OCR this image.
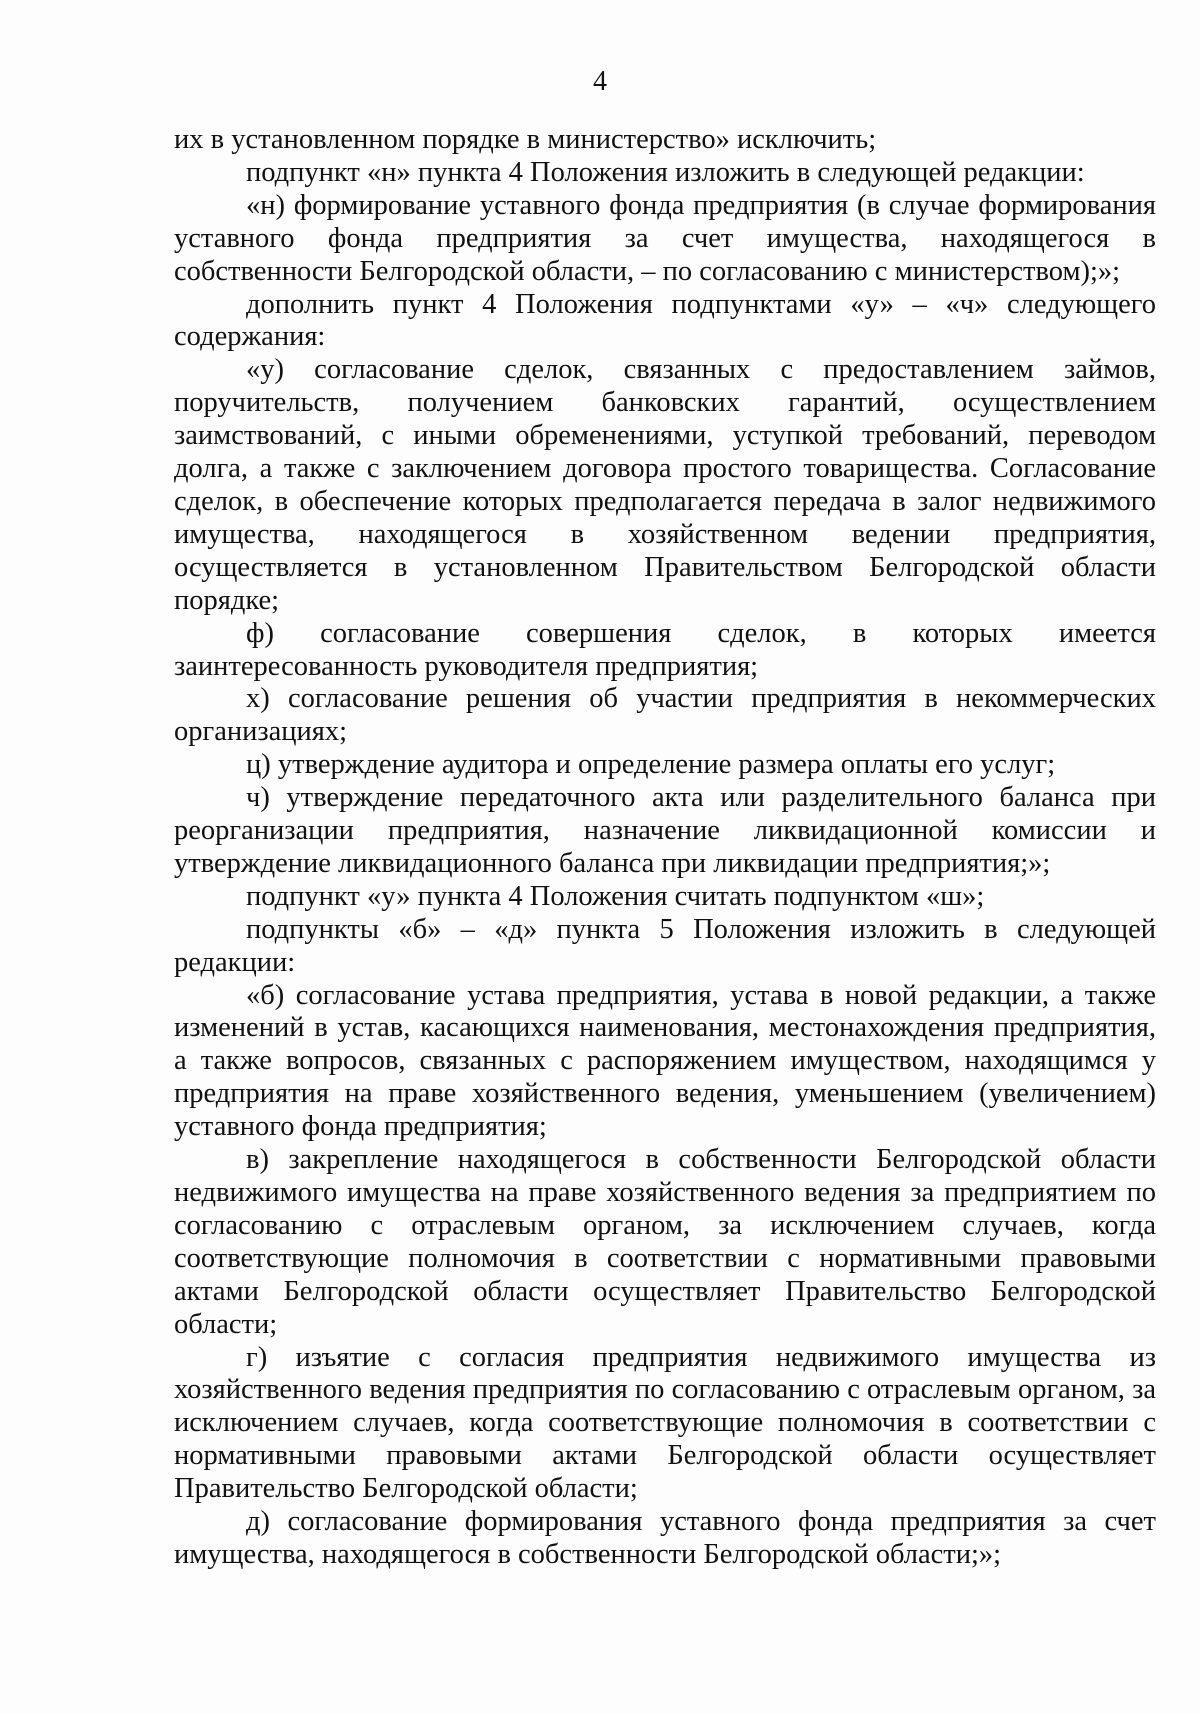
4

их в установленном порядке в министерство» исключить;

подпункт «н» пункта 4 Положения изложить в следующей редакции:

«н) формирование уставного фонда предприятия (в случае формирования уставного фонда предприятия за счет имущества, находящегося в собственности Белгородской области, – по согласованию с министерством);»;

дополнить пункт 4 Положения подпунктами «у» – «ч» следующего содержания:

«у) согласование сделок, связанных с предоставлением займов, поручительств, получением банковских гарантий, осуществлением заимствований, с иными обременениями, уступкой требований, переводом долга, а также с заключением договора простого товарищества. Согласование сделок, в обеспечение которых предполагается передача в залог недвижимого имущества, находящегося в хозяйственном ведении предприятия, осуществляется в установленном Правительством Белгородской области порядке;

ф) согласование совершения сделок, в которых имеется заинтересованность руководителя предприятия;

х) согласование решения об участии предприятия в некоммерческих организациях;

ц) утверждение аудитора и определение размера оплаты его услуг;

ч) утверждение передаточного акта или разделительного баланса при реорганизации предприятия, назначение ликвидационной комиссии и утверждение ликвидационного баланса при ликвидации предприятия;»;

подпункт «у» пункта 4 Положения считать подпунктом «ш»;

подпункты «б» – «д» пункта 5 Положения изложить в следующей редакции:

«б) согласование устава предприятия, устава в новой редакции, а также изменений в устав, касающихся наименования, местонахождения предприятия, а также вопросов, связанных с распоряжением имуществом, находящимся у предприятия на праве хозяйственного ведения, уменьшением (увеличением) уставного фонда предприятия;

в) закрепление находящегося в собственности Белгородской области недвижимого имущества на праве хозяйственного ведения за предприятием по согласованию с отраслевым органом, за исключением случаев, когда соответствующие полномочия в соответствии с нормативными правовыми актами Белгородской области осуществляет Правительство Белгородской области;

г) изъятие с согласия предприятия недвижимого имущества из хозяйственного ведения предприятия по согласованию с отраслевым органом, за исключением случаев, когда соответствующие полномочия в соответствии с нормативными правовыми актами Белгородской области осуществляет Правительство Белгородской области;

д) согласование формирования уставного фонда предприятия за счет имущества, находящегося в собственности Белгородской области;»;
